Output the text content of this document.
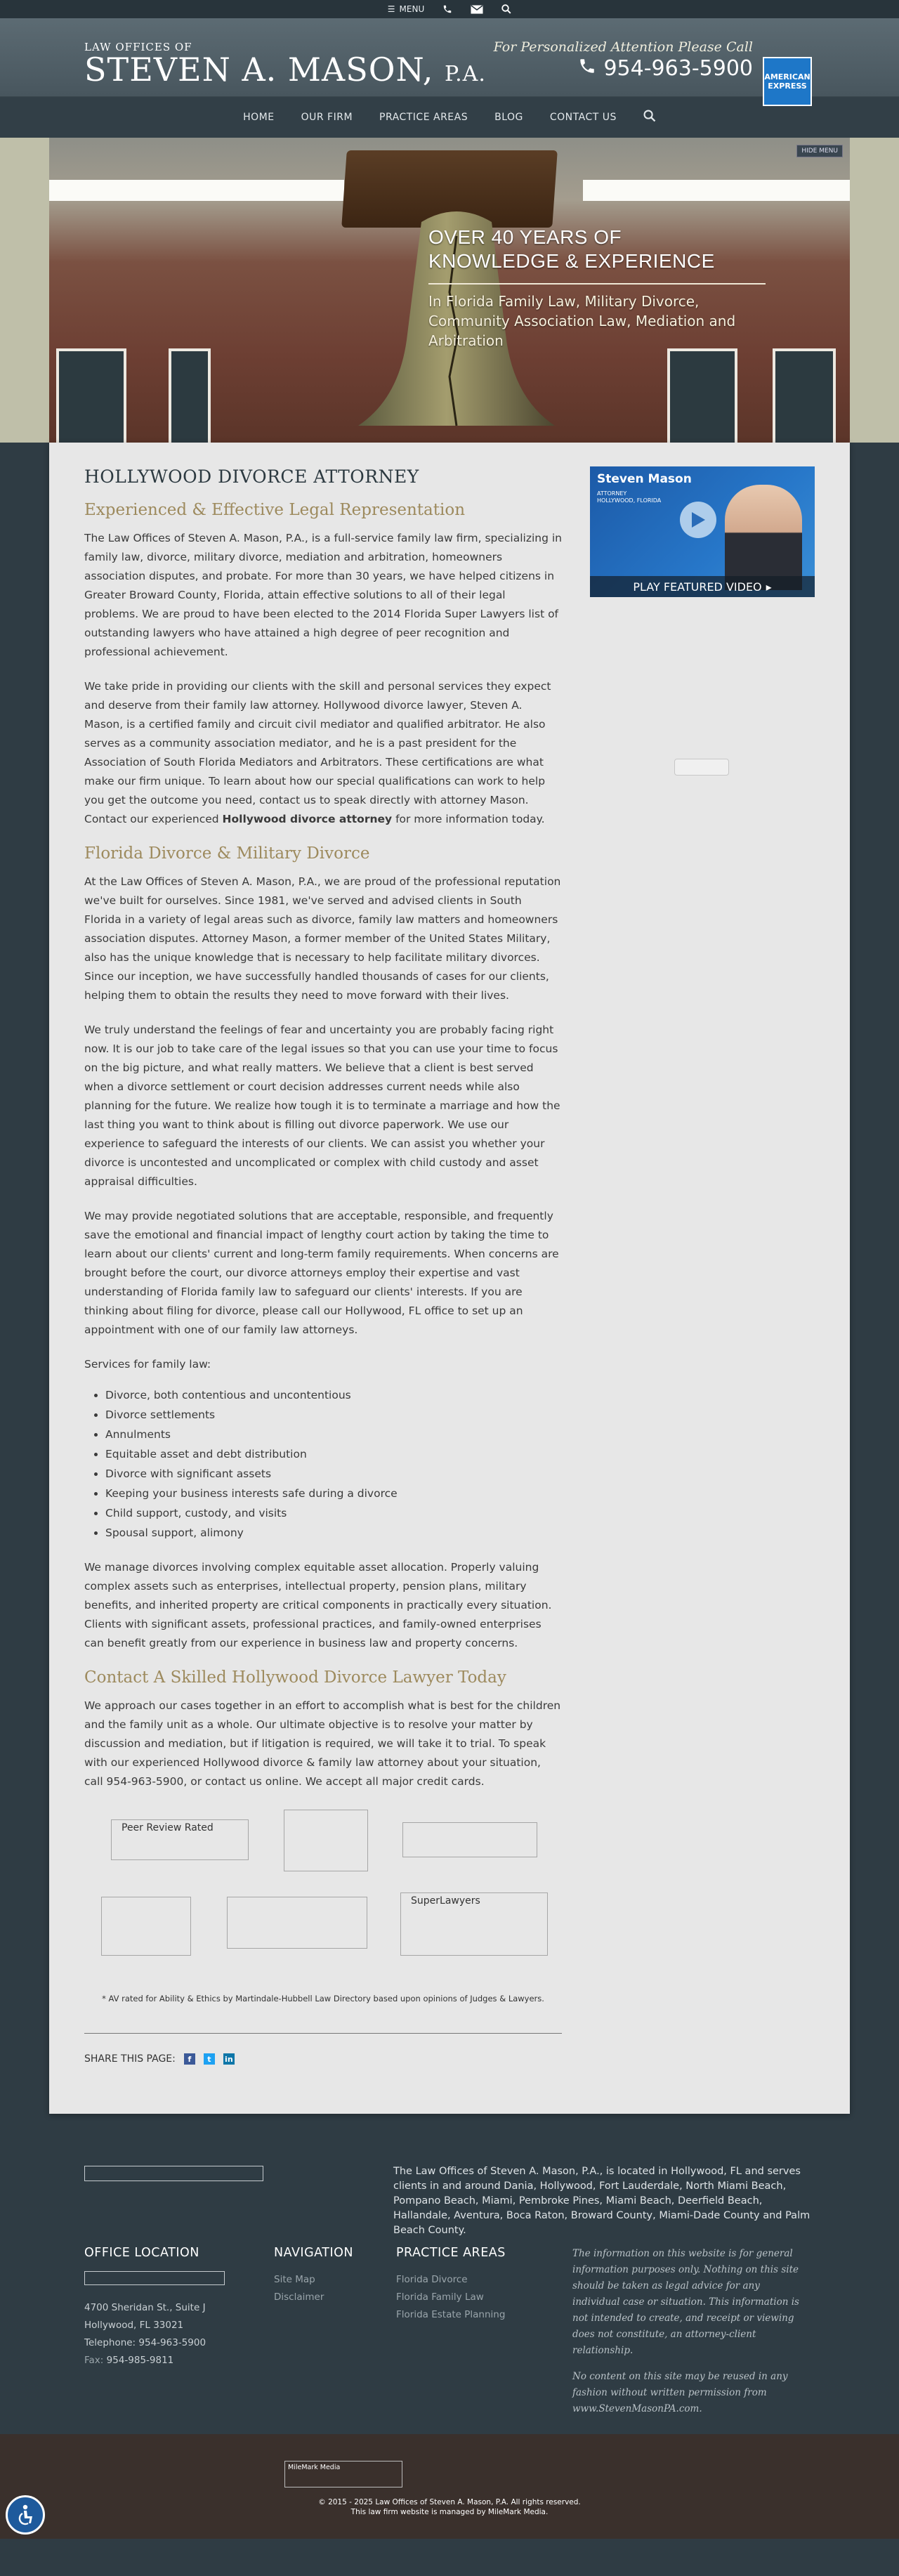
☰ MENU
LAW OFFICES OF
STEVEN A. MASON, P.A.
For Personalized Attention Please Call
954-963-5900 AMERICAN
EXPRESS
HOME	OUR FIRM	PRACTICE AREAS	BLOG	CONTACT US
OVER 40 YEARS OF
KNOWLEDGE & EXPERIENCE
In Florida Family Law, Military Divorce,
Community Association Law, Mediation and
Arbitration
HIDE MENU
HOLLYWOOD DIVORCE ATTORNEY
Experienced & Effective Legal Representation

The Law Offices of Steven A. Mason, P.A., is a full-service family law firm, specializing in family law, divorce, military divorce, mediation and arbitration, homeowners association disputes, and probate. For more than 30 years, we have helped citizens in Greater Broward County, Florida, attain effective solutions to all of their legal problems. We are proud to have been elected to the 2014 Florida Super Lawyers list of outstanding lawyers who have attained a high degree of peer recognition and professional achievement.

We take pride in providing our clients with the skill and personal services they expect and deserve from their family law attorney. Hollywood divorce lawyer, Steven A. Mason, is a certified family and circuit civil mediator and qualified arbitrator. He also serves as a community association mediator, and he is a past president for the Association of South Florida Mediators and Arbitrators. These certifications are what make our firm unique. To learn about how our special qualifications can work to help you get the outcome you need, contact us to speak directly with attorney Mason. Contact our experienced Hollywood divorce attorney for more information today.

Florida Divorce & Military Divorce

At the Law Offices of Steven A. Mason, P.A., we are proud of the professional reputation we've built for ourselves. Since 1981, we've served and advised clients in South Florida in a variety of legal areas such as divorce, family law matters and homeowners association disputes. Attorney Mason, a former member of the United States Military, also has the unique knowledge that is necessary to help facilitate military divorces. Since our inception, we have successfully handled thousands of cases for our clients, helping them to obtain the results they need to move forward with their lives.

We truly understand the feelings of fear and uncertainty you are probably facing right now. It is our job to take care of the legal issues so that you can use your time to focus on the big picture, and what really matters. We believe that a client is best served when a divorce settlement or court decision addresses current needs while also planning for the future. We realize how tough it is to terminate a marriage and how the last thing you want to think about is filling out divorce paperwork. We use our experience to safeguard the interests of our clients. We can assist you whether your divorce is uncontested and uncomplicated or complex with child custody and asset appraisal difficulties.

We may provide negotiated solutions that are acceptable, responsible, and frequently save the emotional and financial impact of lengthy court action by taking the time to learn about our clients' current and long-term family requirements. When concerns are brought before the court, our divorce attorneys employ their expertise and vast understanding of Florida family law to safeguard our clients' interests. If you are thinking about filing for divorce, please call our Hollywood, FL office to set up an appointment with one of our family law attorneys.

Services for family law:

• Divorce, both contentious and uncontentious
• Divorce settlements
• Annulments
• Equitable asset and debt distribution
• Divorce with significant assets
• Keeping your business interests safe during a divorce
• Child support, custody, and visits
• Spousal support, alimony

We manage divorces involving complex equitable asset allocation. Properly valuing complex assets such as enterprises, intellectual property, pension plans, military benefits, and inherited property are critical components in practically every situation. Clients with significant assets, professional practices, and family-owned enterprises can benefit greatly from our experience in business law and property concerns.

Contact A Skilled Hollywood Divorce Lawyer Today

We approach our cases together in an effort to accomplish what is best for the children and the family unit as a whole. Our ultimate objective is to resolve your matter by discussion and mediation, but if litigation is required, we will take it to trial. To speak with our experienced Hollywood divorce & family law attorney about your situation, call 954-963-5900, or contact us online. We accept all major credit cards.

Peer Review Rated
SuperLawyers
* AV rated for Ability & Ethics by Martindale-Hubbell Law Directory based upon opinions of Judges & Lawyers.
SHARE THIS PAGE:	f	t	in
Steven Mason
ATTORNEY
HOLLYWOOD, FLORIDA
PLAY FEATURED VIDEO ▸
The Law Offices of Steven A. Mason, P.A., is located in Hollywood, FL and serves clients in and around Dania, Hollywood, Fort Lauderdale, North Miami Beach, Pompano Beach, Miami, Pembroke Pines, Miami Beach, Deerfield Beach, Hallandale, Aventura, Boca Raton, Broward County, Miami-Dade County and Palm Beach County.
OFFICE LOCATION
4700 Sheridan St., Suite J
Hollywood, FL 33021
Telephone: 954-963-5900
Fax: 954-985-9811
NAVIGATION
Site Map
Disclaimer
PRACTICE AREAS
Florida Divorce
Florida Family Law
Florida Estate Planning

The information on this website is for general information purposes only. Nothing on this site should be taken as legal advice for any individual case or situation. This information is not intended to create, and receipt or viewing does not constitute, an attorney-client relationship.

No content on this site may be reused in any fashion without written permission from www.StevenMasonPA.com.

MileMark Media
© 2015 - 2025 Law Offices of Steven A. Mason, P.A. All rights reserved.
This law firm website is managed by MileMark Media.
